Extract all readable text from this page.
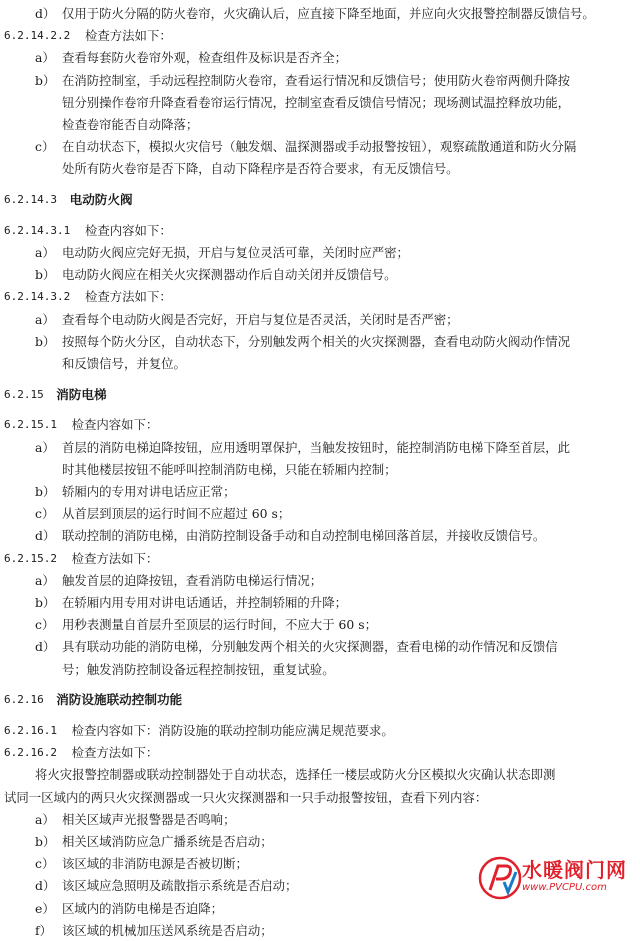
d） 仅用于防火分隔的防火卷帘，火灾确认后，应直接下降至地面，并应向火灾报警控制器反馈信号。
6.2.14.2.2 检查方法如下：
a） 查看每套防火卷帘外观，检查组件及标识是否齐全；
b） 在消防控制室，手动远程控制防火卷帘，查看运行情况和反馈信号；使用防火卷帘两侧升降按
钮分别操作卷帘升降查看卷帘运行情况，控制室查看反馈信号情况；现场测试温控释放功能，
检查卷帘能否自动降落；
c） 在自动状态下，模拟火灾信号（触发烟、温探测器或手动报警按钮），观察疏散通道和防火分隔
处所有防火卷帘是否下降，自动下降程序是否符合要求，有无反馈信号。
6.2.14.3 电动防火阀
6.2.14.3.1 检查内容如下：
a） 电动防火阀应完好无损，开启与复位灵活可靠，关闭时应严密；
b） 电动防火阀应在相关火灾探测器动作后自动关闭并反馈信号。
6.2.14.3.2 检查方法如下：
a） 查看每个电动防火阀是否完好，开启与复位是否灵活，关闭时是否严密；
b） 按照每个防火分区，自动状态下，分别触发两个相关的火灾探测器，查看电动防火阀动作情况
和反馈信号，并复位。
6.2.15 消防电梯
6.2.15.1 检查内容如下：
a） 首层的消防电梯迫降按钮，应用透明罩保护，当触发按钮时，能控制消防电梯下降至首层，此
时其他楼层按钮不能呼叫控制消防电梯，只能在轿厢内控制；
b） 轿厢内的专用对讲电话应正常；
c） 从首层到顶层的运行时间不应超过 60 s；
d） 联动控制的消防电梯，由消防控制设备手动和自动控制电梯回落首层，并接收反馈信号。
6.2.15.2 检查方法如下：
a） 触发首层的迫降按钮，查看消防电梯运行情况；
b） 在轿厢内用专用对讲电话通话，并控制轿厢的升降；
c） 用秒表测量自首层升至顶层的运行时间，不应大于 60 s；
d） 具有联动功能的消防电梯，分别触发两个相关的火灾探测器，查看电梯的动作情况和反馈信
号；触发消防控制设备远程控制按钮，重复试验。
6.2.16 消防设施联动控制功能
6.2.16.1 检查内容如下：消防设施的联动控制功能应满足规范要求。
6.2.16.2 检查方法如下：
将火灾报警控制器或联动控制器处于自动状态，选择任一楼层或防火分区模拟火灾确认状态即测
试同一区域内的两只火灾探测器或一只火灾探测器和一只手动报警按钮，查看下列内容：
a） 相关区域声光报警器是否鸣响；
b） 相关区域消防应急广播系统是否启动；
c） 该区域的非消防电源是否被切断；
d） 该区域应急照明及疏散指示系统是否启动；
e） 区域内的消防电梯是否迫降；
f） 该区域的机械加压送风系统是否启动；
水暖阀门网
www.PVCPU.com
